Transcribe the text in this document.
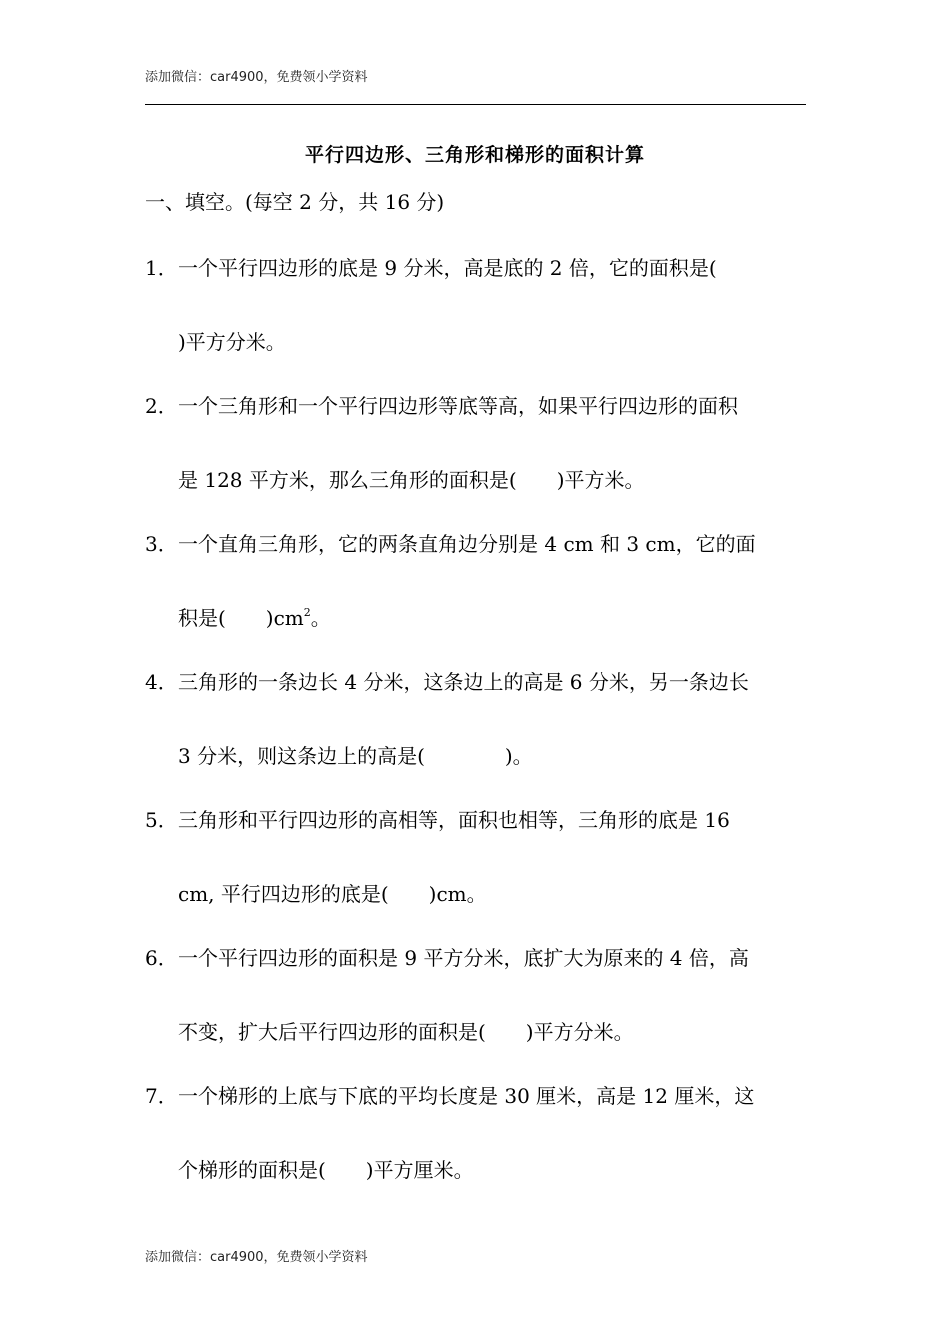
添加微信：car4900，免费领小学资料
平行四边形、三角形和梯形的面积计算
一、填空。(每空 2 分，共 16 分)
1．一个平行四边形的底是 9 分米，高是底的 2 倍，它的面积是(
)平方分米。
2．一个三角形和一个平行四边形等底等高，如果平行四边形的面积
是 128 平方米，那么三角形的面积是(　　)平方米。
3．一个直角三角形，它的两条直角边分别是 4 cm 和 3 cm，它的面
积是(　　)$cm^2$。
4．三角形的一条边长 4 分米，这条边上的高是 6 分米，另一条边长
3 分米，则这条边上的高是(　　　　)。
5．三角形和平行四边形的高相等，面积也相等，三角形的底是 16
cm, 平行四边形的底是(　　)cm。
6．一个平行四边形的面积是 9 平方分米，底扩大为原来的 4 倍，高
不变，扩大后平行四边形的面积是(　　)平方分米。
7．一个梯形的上底与下底的平均长度是 30 厘米，高是 12 厘米，这
个梯形的面积是(　　)平方厘米。
添加微信：car4900，免费领小学资料
